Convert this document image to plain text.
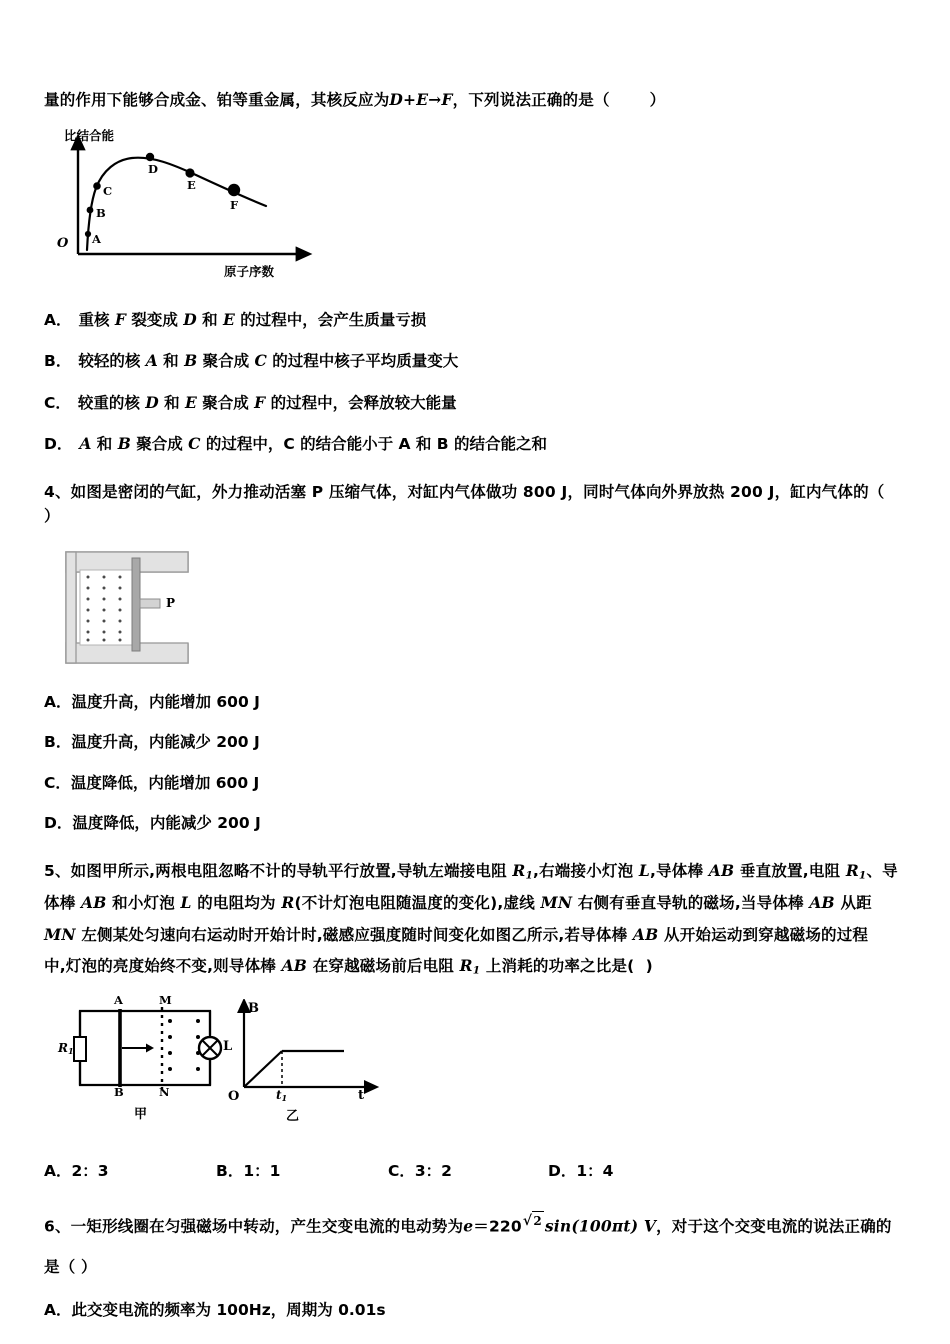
量的作用下能够合成金、铂等重金属，其核反应为D+E→F，下列说法正确的是（	）
比结合能
O
原子序数
A
B
C
D
E
F
A． 重核 F 裂变成 D 和 E 的过程中，会产生质量亏损
B． 较轻的核 A 和 B 聚合成 C 的过程中核子平均质量变大
C． 较重的核 D 和 E 聚合成 F 的过程中，会释放较大能量
D． A 和 B 聚合成 C 的过程中，C 的结合能小于 A 和 B 的结合能之和
4、如图是密闭的气缸，外力推动活塞 P 压缩气体，对缸内气体做功 800 J，同时气体向外界放热 200 J，缸内气体的（
）
P
A．温度升高，内能增加 600 J
B．温度升高，内能减少 200 J
C．温度降低，内能增加 600 J
D．温度降低，内能减少 200 J
5、如图甲所示,两根电阻忽略不计的导轨平行放置,导轨左端接电阻 $R_1$,右端接小灯泡 L,导体棒 AB 垂直放置,电阻 $R_1$、导
体棒 AB 和小灯泡 L 的电阻均为 R(不计灯泡电阻随温度的变化),虚线 MN 右侧有垂直导轨的磁场,当导体棒 AB 从距
MN 左侧某处匀速向右运动时开始计时,磁感应强度随时间变化如图乙所示,若导体棒 AB 从开始运动到穿越磁场的过程
中,灯泡的亮度始终不变,则导体棒 AB 在穿越磁场前后电阻 $R_1$ 上消耗的功率之比是(  )
$R_1$
A
B
M
N
L
甲
B
O	$t_1$	t
乙
A．2：3	B．1：1	C．3：2	D．1：4
6、一矩形线圈在匀强磁场中转动，产生交变电流的电动势为e＝220√2 sin(100πt) V，对于这个交变电流的说法正确的
是（ ）
A．此交变电流的频率为 100Hz，周期为 0.01s
